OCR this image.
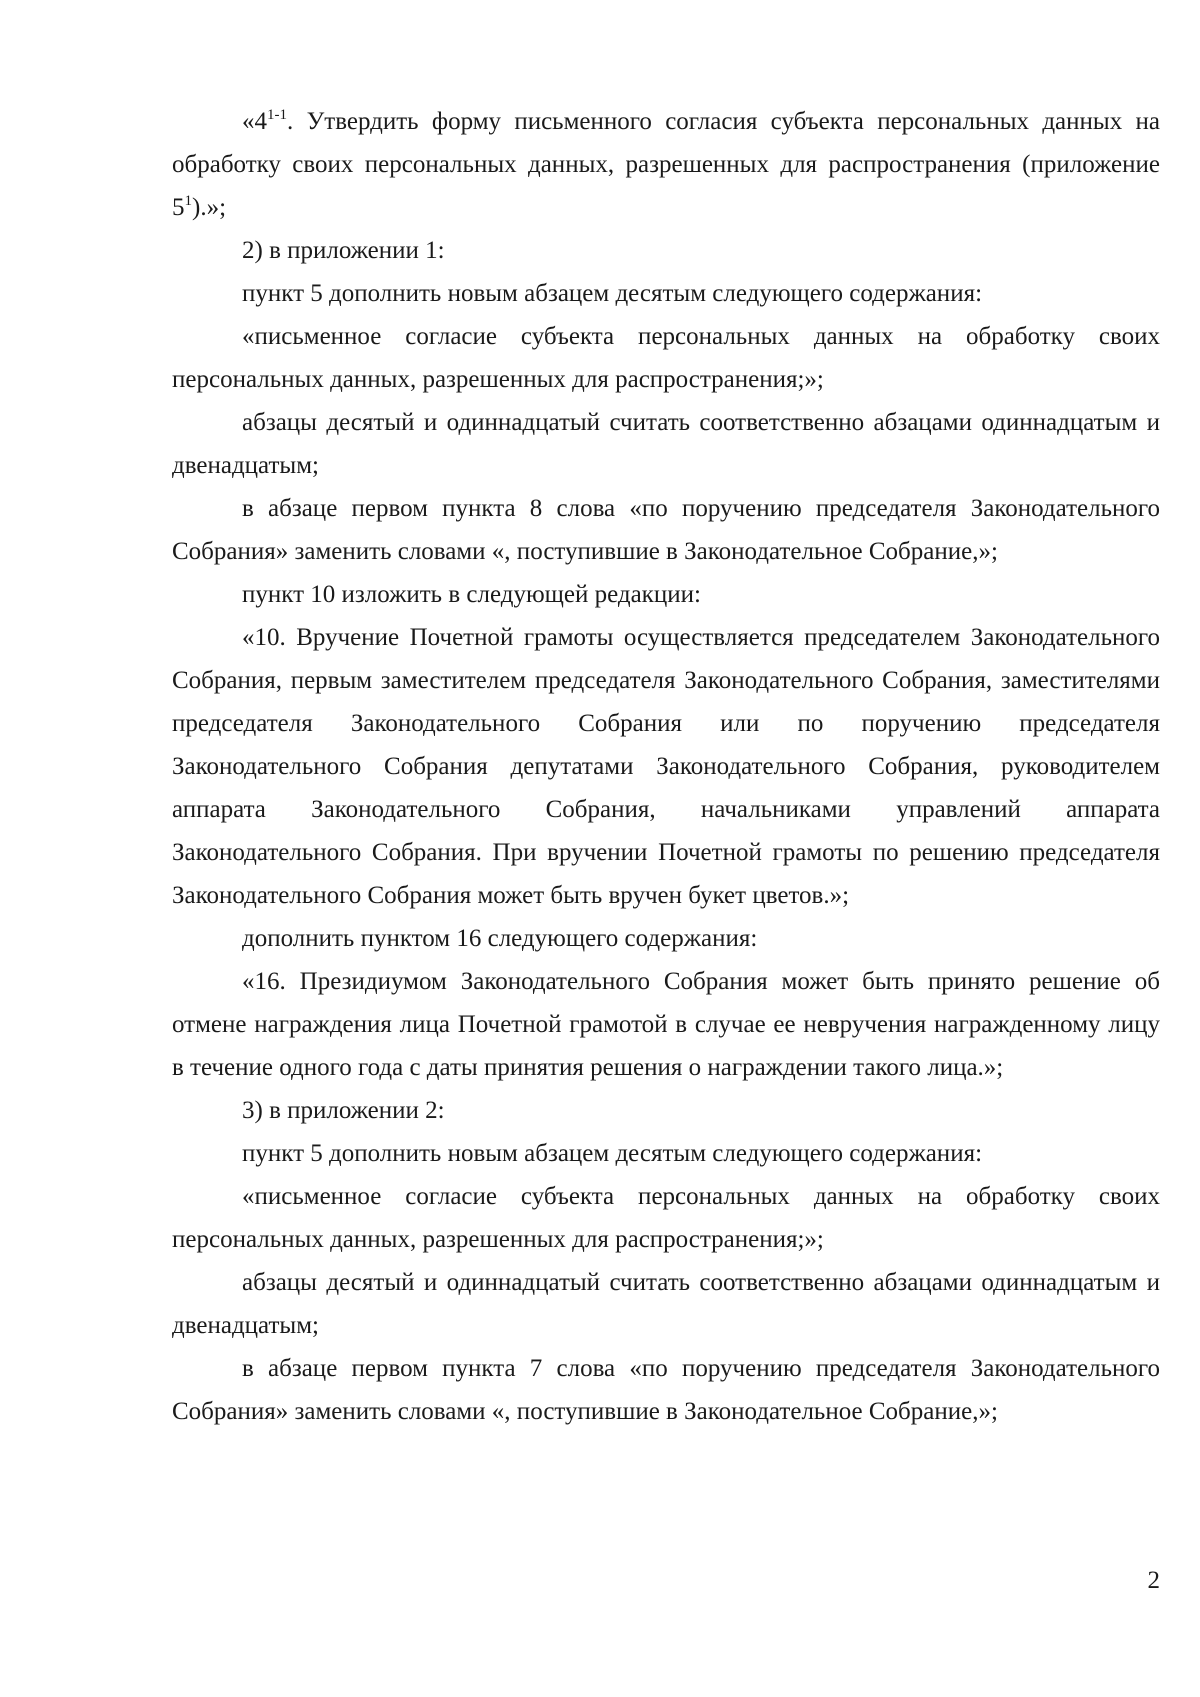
«4$^{1-1}$. Утвердить форму письменного согласия субъекта персональных данных на обработку своих персональных данных, разрешенных для распространения (приложение $5^1$).»;

2) в приложении 1:

пункт 5 дополнить новым абзацем десятым следующего содержания:

«письменное согласие субъекта персональных данных на обработку своих персональных данных, разрешенных для распространения;»;

абзацы десятый и одиннадцатый считать соответственно абзацами одиннадцатым и двенадцатым;

в абзаце первом пункта 8 слова «по поручению председателя Законодательного Собрания» заменить словами «, поступившие в Законодательное Собрание,»;

пункт 10 изложить в следующей редакции:

«10. Вручение Почетной грамоты осуществляется председателем Законодательного Собрания, первым заместителем председателя Законодательного Собрания, заместителями председателя Законодательного Собрания или по поручению председателя Законодательного Собрания депутатами Законодательного Собрания, руководителем аппарата Законодательного Собрания, начальниками управлений аппарата Законодательного Собрания. При вручении Почетной грамоты по решению председателя Законодательного Собрания может быть вручен букет цветов.»;

дополнить пунктом 16 следующего содержания:

«16. Президиумом Законодательного Собрания может быть принято решение об отмене награждения лица Почетной грамотой в случае ее невручения награжденному лицу в течение одного года с даты принятия решения о награждении такого лица.»;

3) в приложении 2:

пункт 5 дополнить новым абзацем десятым следующего содержания:

«письменное согласие субъекта персональных данных на обработку своих персональных данных, разрешенных для распространения;»;

абзацы десятый и одиннадцатый считать соответственно абзацами одиннадцатым и двенадцатым;

в абзаце первом пункта 7 слова «по поручению председателя Законодательного Собрания» заменить словами «, поступившие в Законодательное Собрание,»;

2
